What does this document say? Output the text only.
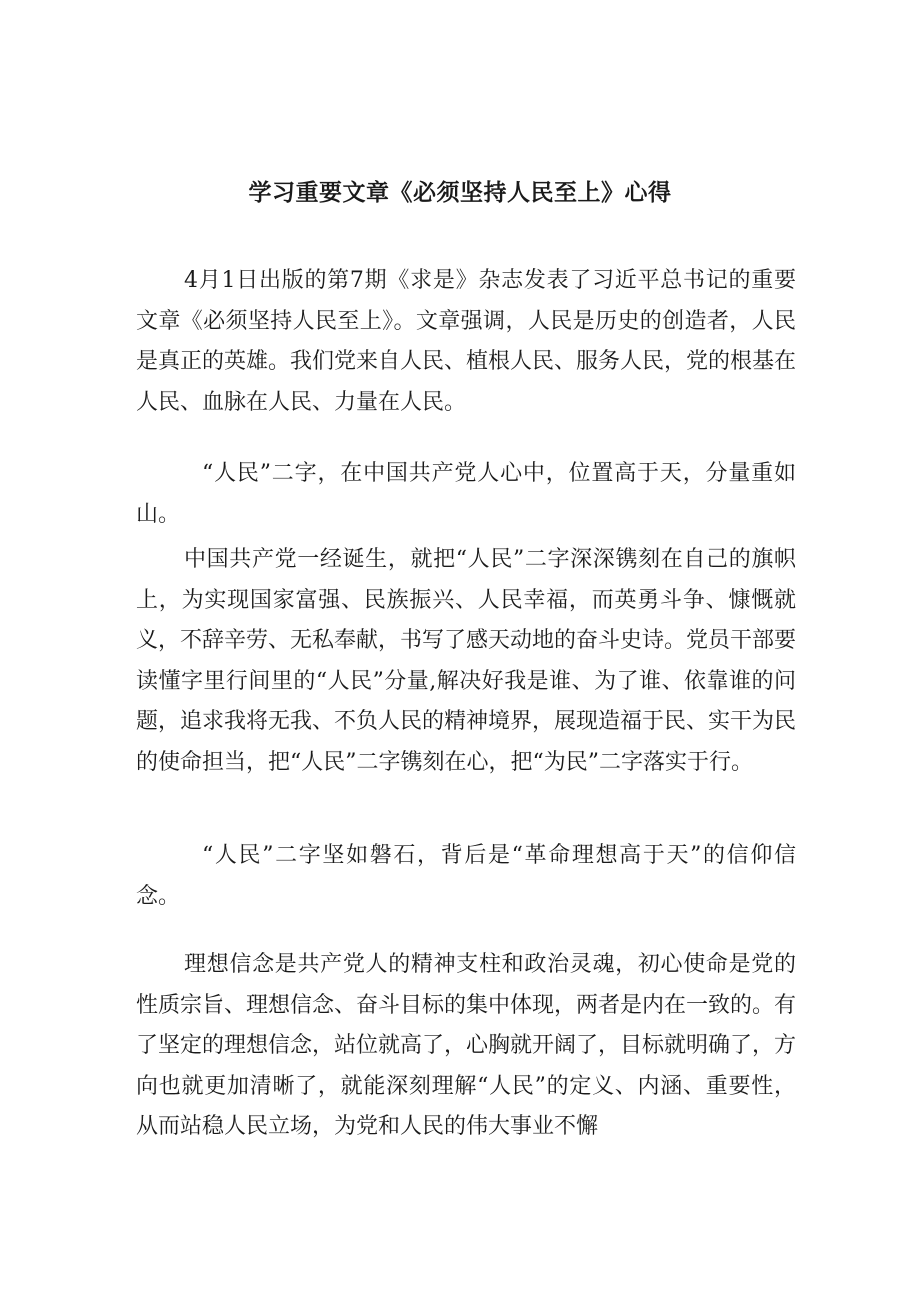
学习重要文章《必须坚持人民至上》心得

4月1日出版的第7期《求是》杂志发表了习近平总书记的重要文章《必须坚持人民至上》。文章强调，人民是历史的创造者，人民是真正的英雄。我们党来自人民、植根人民、服务人民，党的根基在人民、血脉在人民、力量在人民。

“人民”二字，在中国共产党人心中，位置高于天，分量重如山。

中国共产党一经诞生，就把“人民”二字深深镌刻在自己的旗帜上，为实现国家富强、民族振兴、人民幸福，而英勇斗争、慷慨就义，不辞辛劳、无私奉献，书写了感天动地的奋斗史诗。党员干部要读懂字里行间里的“人民”分量,解决好我是谁、为了谁、依靠谁的问题，追求我将无我、不负人民的精神境界，展现造福于民、实干为民的使命担当，把“人民”二字镌刻在心，把“为民”二字落实于行。

“人民”二字坚如磐石，背后是“革命理想高于天”的信仰信念。

理想信念是共产党人的精神支柱和政治灵魂，初心使命是党的性质宗旨、理想信念、奋斗目标的集中体现，两者是内在一致的。有了坚定的理想信念，站位就高了，心胸就开阔了，目标就明确了，方向也就更加清晰了，就能深刻理解“人民”的定义、内涵、重要性，从而站稳人民立场，为党和人民的伟大事业不懈
